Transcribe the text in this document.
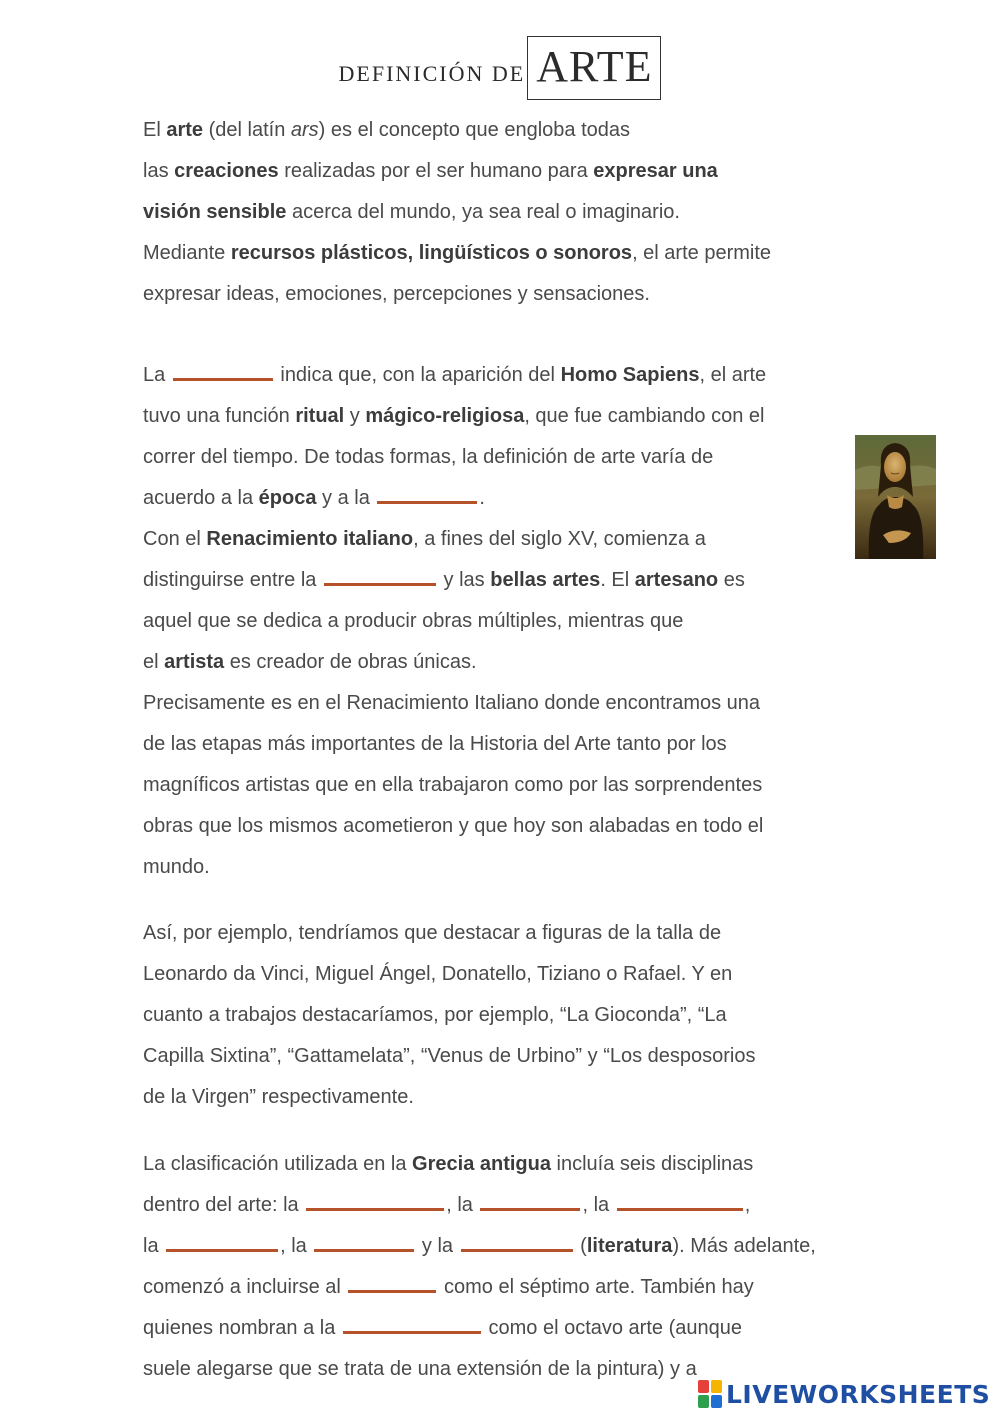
DEFINICIÓN DE ARTE

El arte (del latín ars) es el concepto que engloba todas
las creaciones realizadas por el ser humano para expresar una
visión sensible acerca del mundo, ya sea real o imaginario.
Mediante recursos plásticos, lingüísticos o sonoros, el arte permite
expresar ideas, emociones, percepciones y sensaciones.

La	indica que, con la aparición del Homo Sapiens, el arte
tuvo una función ritual y mágico-religiosa, que fue cambiando con el
correr del tiempo. De todas formas, la definición de arte varía de
acuerdo a la época y a la	.
Con el Renacimiento italiano, a fines del siglo XV, comienza a
distinguirse entre la	y las bellas artes. El artesano es
aquel que se dedica a producir obras múltiples, mientras que
el artista es creador de obras únicas.
Precisamente es en el Renacimiento Italiano donde encontramos una
de las etapas más importantes de la Historia del Arte tanto por los
magníficos artistas que en ella trabajaron como por las sorprendentes
obras que los mismos acometieron y que hoy son alabadas en todo el
mundo.

Así, por ejemplo, tendríamos que destacar a figuras de la talla de
Leonardo da Vinci, Miguel Ángel, Donatello, Tiziano o Rafael. Y en
cuanto a trabajos destacaríamos, por ejemplo, “La Gioconda”, “La
Capilla Sixtina”, “Gattamelata”, “Venus de Urbino” y “Los desposorios
de la Virgen” respectivamente.

La clasificación utilizada en la Grecia antigua incluía seis disciplinas
dentro del arte: la	, la	, la	,
la	, la	y la	(literatura). Más adelante,
comenzó a incluirse al	como el séptimo arte. También hay
quienes nombran a la	como el octavo arte (aunque
suele alegarse que se trata de una extensión de la pintura) y a

LIVEWORKSHEETS
